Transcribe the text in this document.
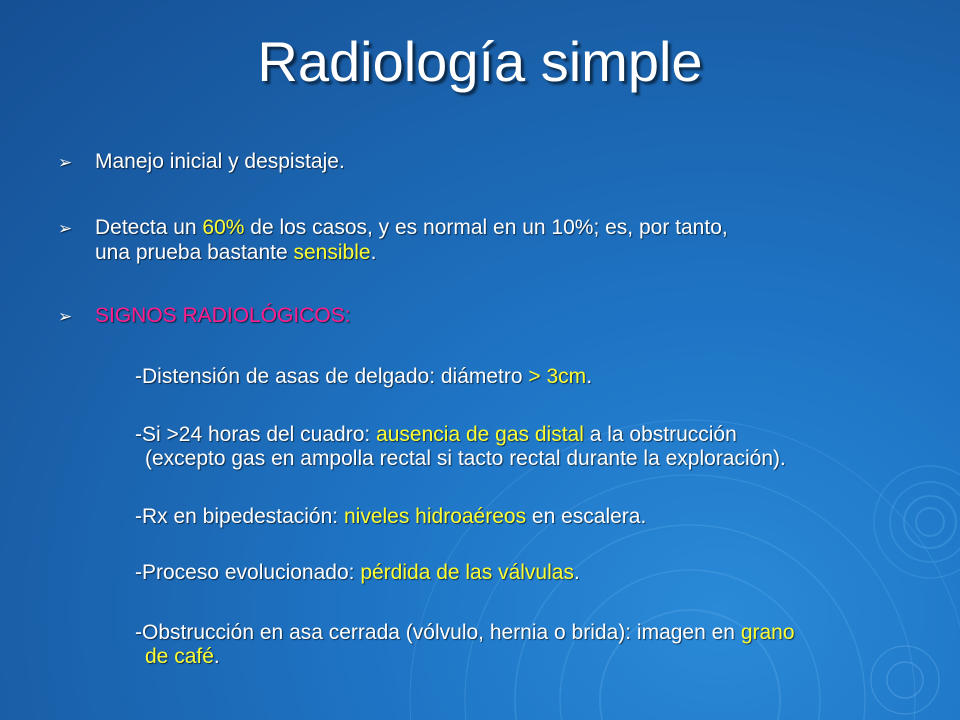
Radiología simple
➢ Manejo inicial y despistaje.
➢ Detecta un 60% de los casos, y es normal en un 10%; es, por tanto,
una prueba bastante sensible.
➢ SIGNOS RADIOLÓGICOS:
-Distensión de asas de delgado: diámetro > 3cm.
-Si >24 horas del cuadro: ausencia de gas distal a la obstrucción
(excepto gas en ampolla rectal si tacto rectal durante la exploración).
-Rx en bipedestación: niveles hidroaéreos en escalera.
-Proceso evolucionado: pérdida de las válvulas.
-Obstrucción en asa cerrada (vólvulo, hernia o brida): imagen en grano
de café.
